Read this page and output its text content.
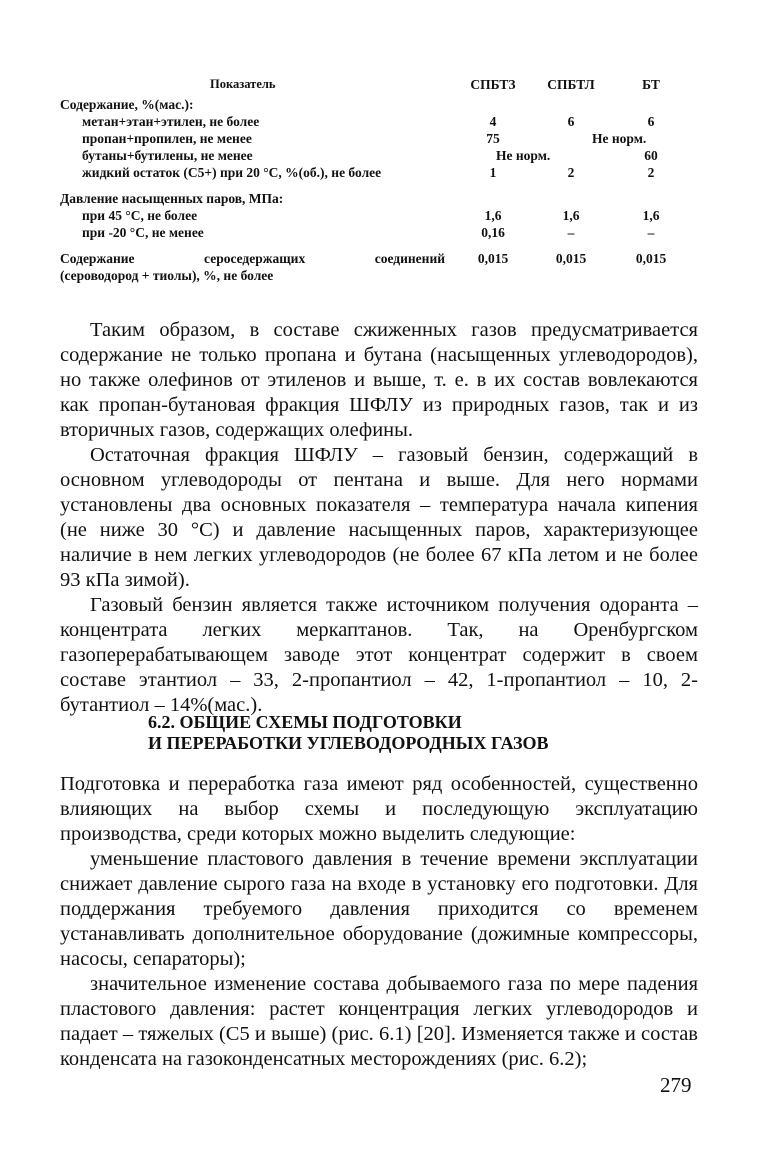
Показатель	СПБТЗ	СПБТЛ	БТ
Содержание, %(мас.):
метан+этан+этилен, не более	4	6	6
пропан+пропилен, не менее	75	Не норм.
бутаны+бутилены, не менее	Не норм.	60
жидкий остаток (C5+) при 20 °С, %(об.), не более	1	2	2
Давление насыщенных паров, МПа:
при 45 °С, не более	1,6	1,6	1,6
при -20 °С, не менее	0,16	–	–
Содержание сероседержащих соединений	0,015	0,015	0,015
(сероводород + тиолы), %, не более

Таким образом, в составе сжиженных газов предусматривается содержание не только пропана и бутана (насыщенных углеводородов), но также олефинов от этиленов и выше, т. е. в их состав вовлекаются как пропан-бутановая фракция ШФЛУ из природных газов, так и из вторичных газов, содержащих олефины.

Остаточная фракция ШФЛУ – газовый бензин, содержащий в основном углеводороды от пентана и выше. Для него нормами установлены два основных показателя – температура начала кипения (не ниже 30 °С) и давление насыщенных паров, характеризующее наличие в нем легких углеводородов (не более 67 кПа летом и не более 93 кПа зимой).

Газовый бензин является также источником получения одоранта – концентрата легких меркаптанов. Так, на Оренбургском газоперерабатывающем заводе этот концентрат содержит в своем составе этантиол – 33, 2-пропантиол – 42, 1-пропантиол – 10, 2-бутантиол – 14%(мас.).

6.2. ОБЩИЕ СХЕМЫ ПОДГОТОВКИ
И ПЕРЕРАБОТКИ УГЛЕВОДОРОДНЫХ ГАЗОВ

Подготовка и переработка газа имеют ряд особенностей, существенно влияющих на выбор схемы и последующую эксплуатацию производства, среди которых можно выделить следующие:

уменьшение пластового давления в течение времени эксплуатации снижает давление сырого газа на входе в установку его подготовки. Для поддержания требуемого давления приходится со временем устанавливать дополнительное оборудование (дожимные компрессоры, насосы, сепараторы);

значительное изменение состава добываемого газа по мере падения пластового давления: растет концентрация легких углеводородов и падает – тяжелых (C5 и выше) (рис. 6.1) [20]. Изменяется также и состав конденсата на газоконденсатных месторождениях (рис. 6.2);

279
